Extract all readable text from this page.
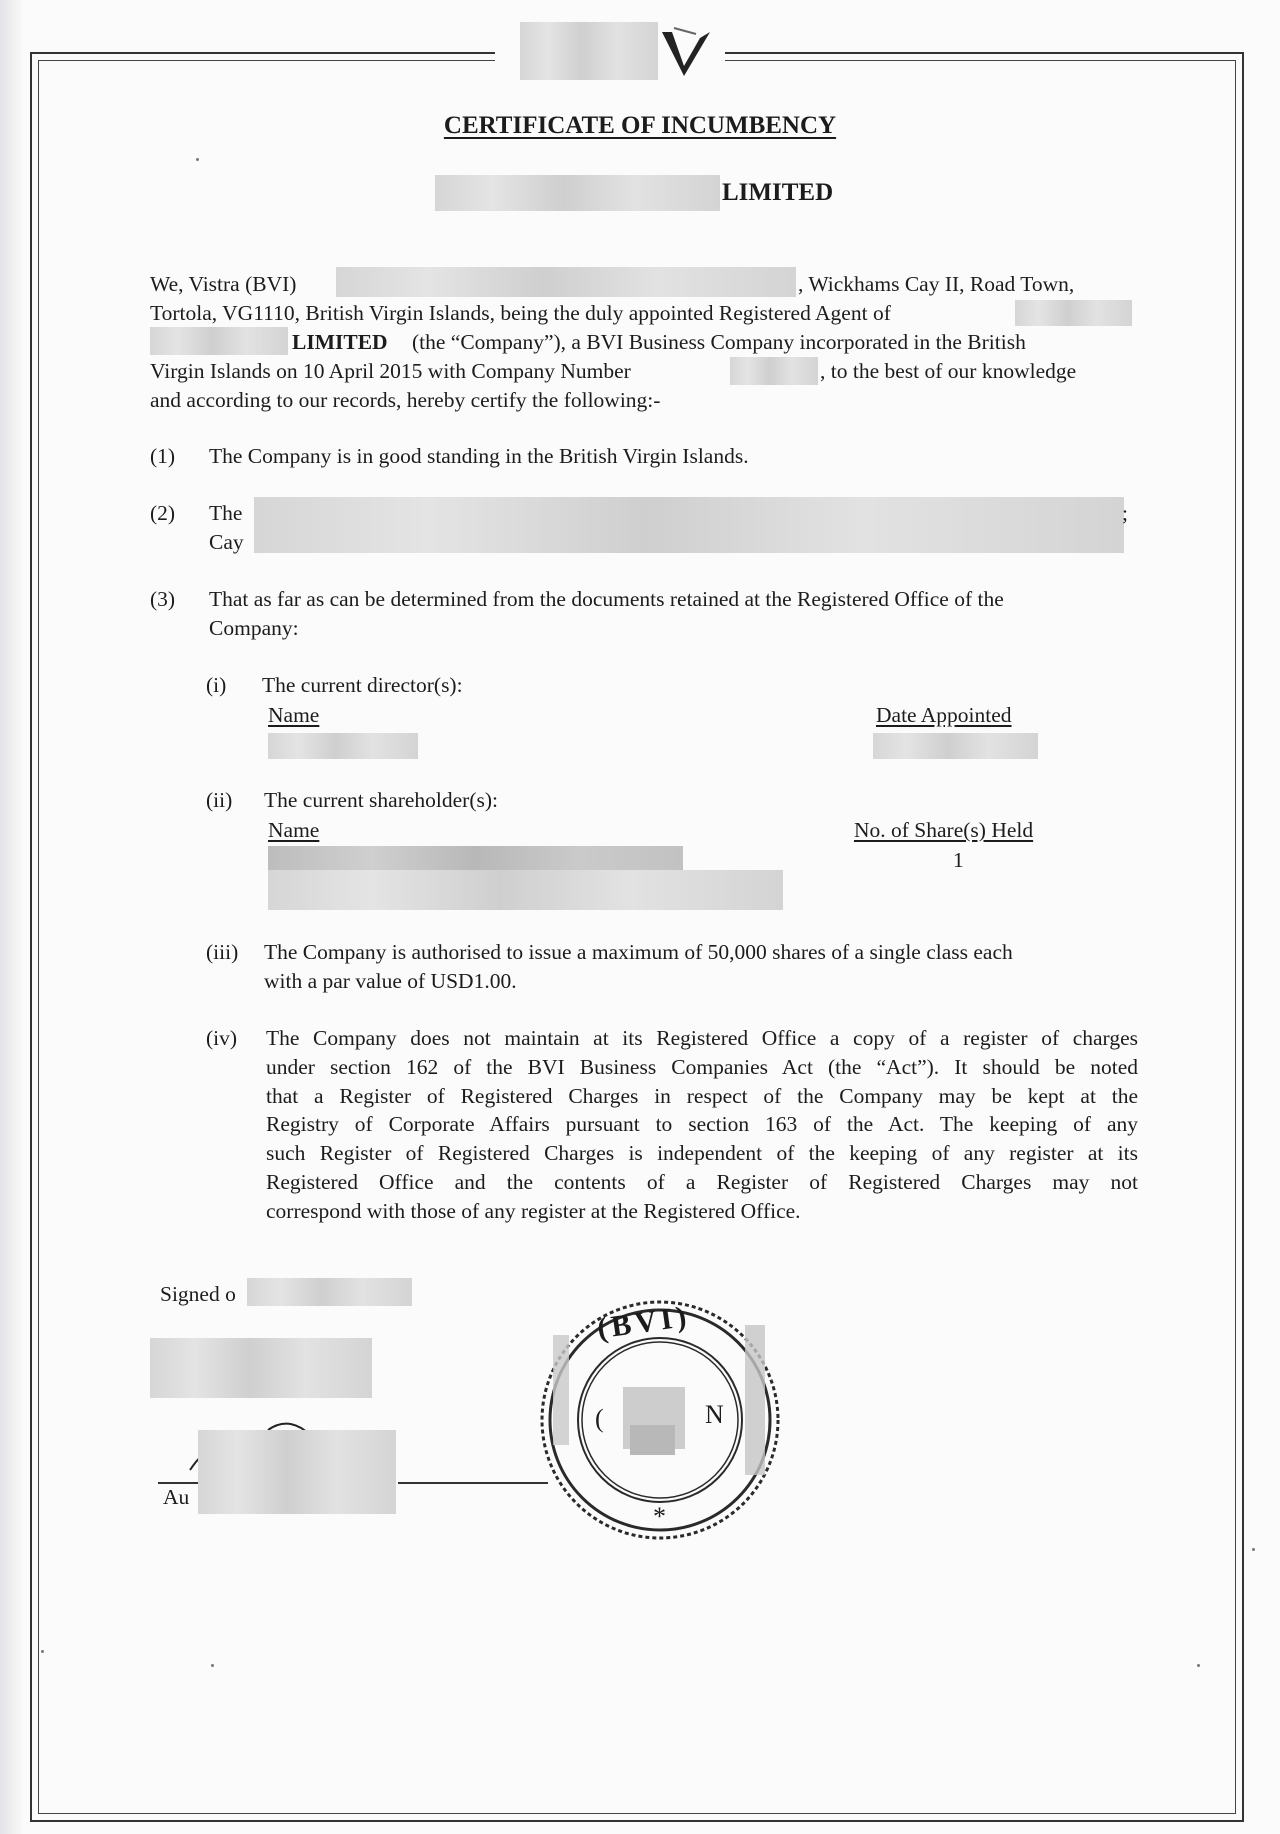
CERTIFICATE OF INCUMBENCY
LIMITED
We, Vistra (BVI)	, Wickhams Cay II, Road Town,
Tortola, VG1110, British Virgin Islands, being the duly appointed Registered Agent of
LIMITED (the “Company”), a BVI Business Company incorporated in the British
Virgin Islands on 10 April 2015 with Company Number	, to the best of our knowledge
and according to our records, hereby certify the following:-
(1) The Company is in good standing in the British Virgin Islands.
(2) The
Cay
;
(3) That as far as can be determined from the documents retained at the Registered Office of the
Company:
(i) The current director(s):
Name	Date Appointed
(ii) The current shareholder(s):
Name	No. of Share(s) Held
1
(iii) The Company is authorised to issue a maximum of 50,000 shares of a single class each
with a par value of USD1.00.
(iv) The Company does not maintain at its Registered Office a copy of a register of charges
under section 162 of the BVI Business Companies Act (the “Act”). It should be noted
that a Register of Registered Charges in respect of the Company may be kept at the
Registry of Corporate Affairs pursuant to section 163 of the Act. The keeping of any
such Register of Registered Charges is independent of the keeping of any register at its
Registered Office and the contents of a Register of Registered Charges may not
correspond with those of any register at the Registered Office.
Signed o
Au
(BVI)
(	N
*
